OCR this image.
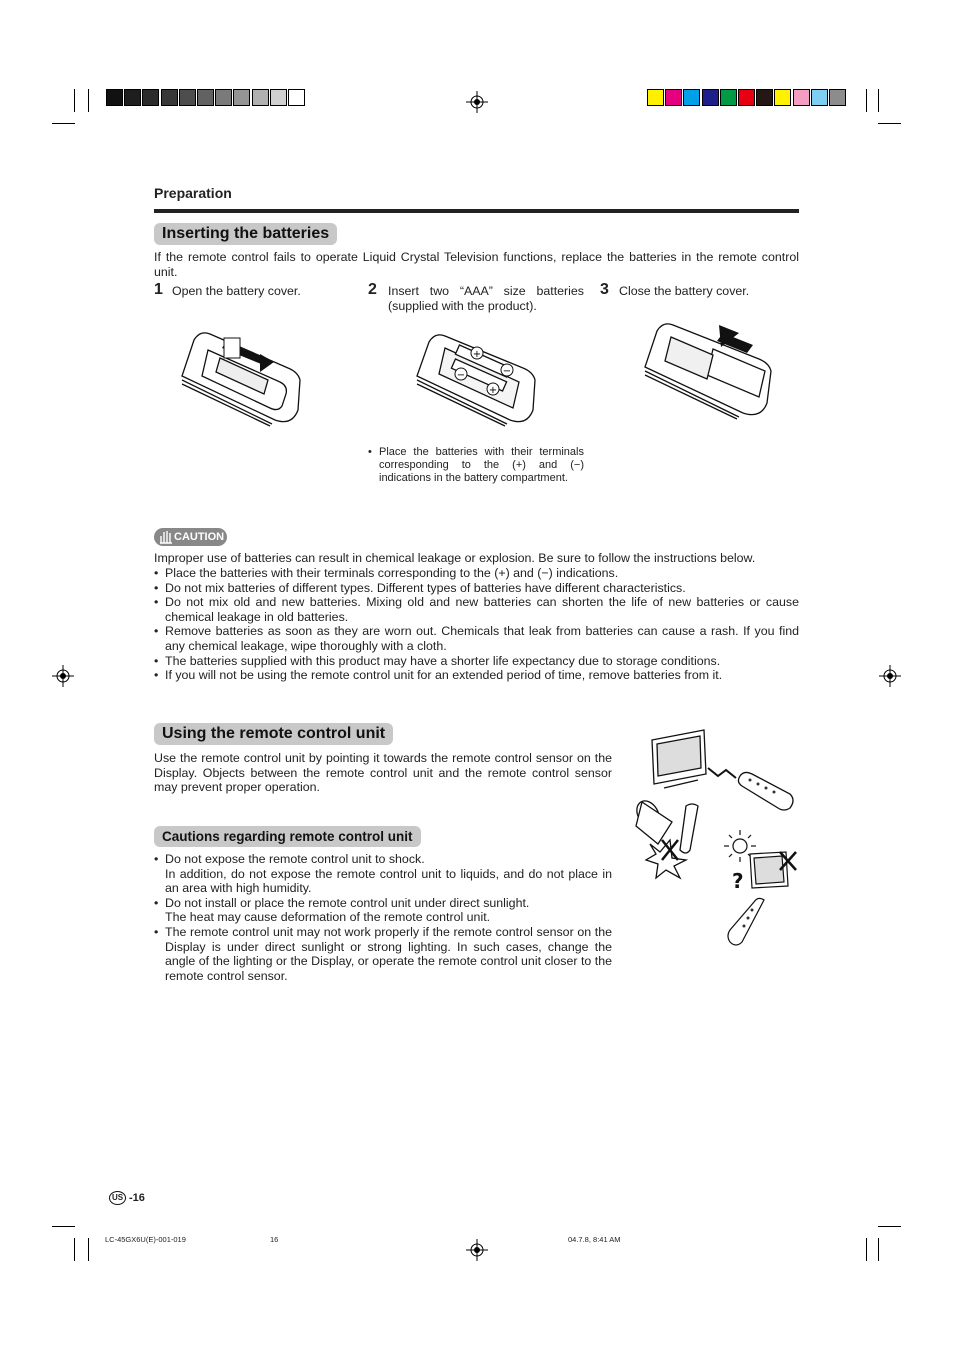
Preparation
Inserting the batteries
If the remote control fails to operate Liquid Crystal Television functions, replace the batteries in the remote control unit.
1 Open the battery cover.	2 Insert two “AAA” size batteries (supplied with the product).
3 Close the battery cover.
+
−
−
+
• Place the batteries with their terminals corresponding to the (+) and (−) indications in the battery compartment.
CAUTION
Improper use of batteries can result in chemical leakage or explosion. Be sure to follow the instructions below.
• Place the batteries with their terminals corresponding to the (+) and (−) indications.
• Do not mix batteries of different types. Different types of batteries have different characteristics.
• Do not mix old and new batteries. Mixing old and new batteries can shorten the life of new batteries or cause chemical leakage in old batteries.
• Remove batteries as soon as they are worn out. Chemicals that leak from batteries can cause a rash. If you find any chemical leakage, wipe thoroughly with a cloth.
• The batteries supplied with this product may have a shorter life expectancy due to storage conditions.
• If you will not be using the remote control unit for an extended period of time, remove batteries from it.
Using the remote control unit
Use the remote control unit by pointing it towards the remote control sensor on the Display. Objects between the remote control unit and the remote control sensor may prevent proper operation.
Cautions regarding remote control unit
• Do not expose the remote control unit to shock.
In addition, do not expose the remote control unit to liquids, and do not place in an area with high humidity.
• Do not install or place the remote control unit under direct sunlight.
The heat may cause deformation of the remote control unit.
• The remote control unit may not work properly if the remote control sensor on the Display is under direct sunlight or strong lighting. In such cases, change the angle of the lighting or the Display, or operate the remote control unit closer to the remote control sensor.
?
US -16
LC-45GX6U(E)-001-019	16	04.7.8, 8:41 AM
